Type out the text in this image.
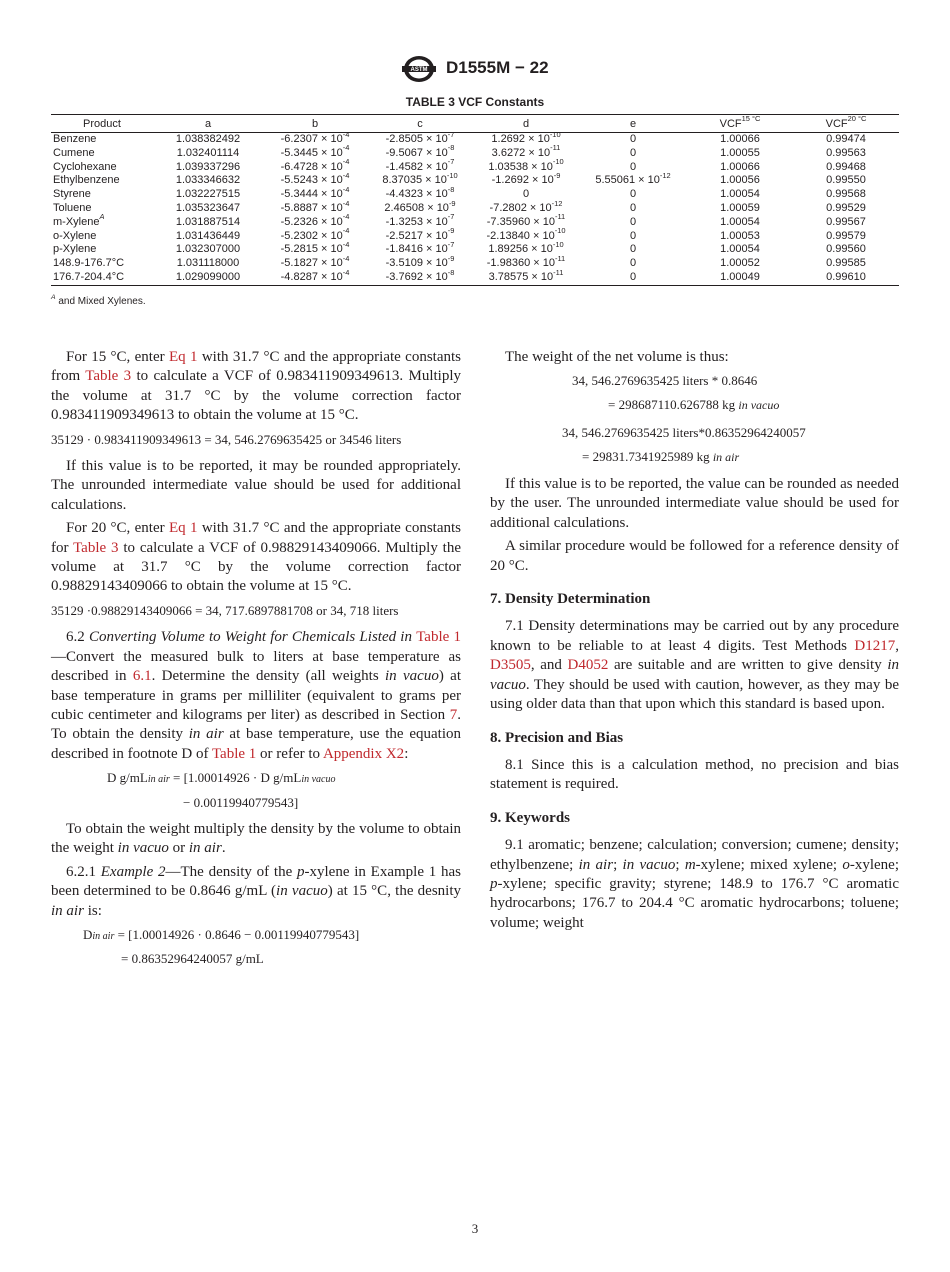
ASTM D1555M − 22
TABLE 3 VCF Constants
Product	a	b	c	d	e	$VCF^{15 ^\circ C}$	$VCF^{20 ^\circ C}$
Benzene	1.038382492	$-6.2307 \times 10^{-4}$	$-2.8505 \times 10^{-7}$	$1.2692 \times 10^{-10}$	0	1.00066	0.99474
Cumene	1.032401114	$-5.3445 \times 10^{-4}$	$-9.5067 \times 10^{-8}$	$3.6272 \times 10^{-11}$	0	1.00055	0.99563
Cyclohexane	1.039337296	$-6.4728 \times 10^{-4}$	$-1.4582 \times 10^{-7}$	$1.03538 \times 10^{-10}$	0	1.00066	0.99468
Ethylbenzene	1.033346632	$-5.5243 \times 10^{-4}$	$8.37035 \times 10^{-10}$	$-1.2692 \times 10^{-9}$	$5.55061 \times 10^{-12}$	1.00056	0.99550
Styrene	1.032227515	$-5.3444 \times 10^{-4}$	$-4.4323 \times 10^{-8}$	0	0	1.00054	0.99568
Toluene	1.035323647	$-5.8887 \times 10^{-4}$	$2.46508 \times 10^{-9}$	$-7.2802 \times 10^{-12}$	0	1.00059	0.99529
m-Xylene$^A$	1.031887514	$-5.2326 \times 10^{-4}$	$-1.3253 \times 10^{-7}$	$-7.35960 \times 10^{-11}$	0	1.00054	0.99567
o-Xylene	1.031436449	$-5.2302 \times 10^{-4}$	$-2.5217 \times 10^{-9}$	$-2.13840 \times 10^{-10}$	0	1.00053	0.99579
p-Xylene	1.032307000	$-5.2815 \times 10^{-4}$	$-1.8416 \times 10^{-7}$	$1.89256 \times 10^{-10}$	0	1.00054	0.99560
148.9-176.7°C	1.031118000	$-5.1827 \times 10^{-4}$	$-3.5109 \times 10^{-9}$	$-1.98360 \times 10^{-11}$	0	1.00052	0.99585
176.7-204.4°C	1.029099000	$-4.8287 \times 10^{-4}$	$-3.7692 \times 10^{-8}$	$3.78575 \times 10^{-11}$	0	1.00049	0.99610
$^A$ and Mixed Xylenes.

For 15 °C, enter Eq 1 with 31.7 °C and the appropriate constants from Table 3 to calculate a VCF of 0.983411909349613. Multiply the volume at 31.7 °C by the volume correction factor 0.983411909349613 to obtain the volume at 15 °C.

35129 · 0.983411909349613 = 34, 546.2769635425 or 34546 liters

If this value is to be reported, it may be rounded appropriately. The unrounded intermediate value should be used for additional calculations.

For 20 °C, enter Eq 1 with 31.7 °C and the appropriate constants for Table 3 to calculate a VCF of 0.98829143409066. Multiply the volume at 31.7 °C by the volume correction factor 0.98829143409066 to obtain the volume at 15 °C.

35129 ·0.98829143409066 = 34, 717.6897881708 or 34, 718 liters

6.2 Converting Volume to Weight for Chemicals Listed in Table 1—Convert the measured bulk to liters at base temperature as described in 6.1. Determine the density (all weights in vacuo) at base temperature in grams per milliliter (equivalent to grams per cubic centimeter and kilograms per liter) as described in Section 7. To obtain the density in air at base temperature, use the equation described in footnote D of Table 1 or refer to Appendix X2:

D g/mLin air = [1.00014926 · D g/mLin vacuo
− 0.00119940779543]

To obtain the weight multiply the density by the volume to obtain the weight in vacuo or in air.

6.2.1 Example 2—The density of the p-xylene in Example 1 has been determined to be 0.8646 g/mL (in vacuo) at 15 °C, the desnity in air is:

Din air = [1.00014926 · 0.8646 − 0.00119940779543]
= 0.86352964240057 g/mL

The weight of the net volume is thus:

34, 546.2769635425 liters * 0.8646
= 298687110.626788 kg in vacuo
34, 546.2769635425 liters*0.86352964240057
= 29831.7341925989 kg in air

If this value is to be reported, the value can be rounded as needed by the user. The unrounded intermediate value should be used for additional calculations.

A similar procedure would be followed for a reference density of 20 °C.

7. Density Determination

7.1 Density determinations may be carried out by any procedure known to be reliable to at least 4 digits. Test Methods D1217, D3505, and D4052 are suitable and are written to give density in vacuo. They should be used with caution, however, as they may be using older data than that upon which this standard is based upon.

8. Precision and Bias

8.1 Since this is a calculation method, no precision and bias statement is required.

9. Keywords

9.1 aromatic; benzene; calculation; conversion; cumene; density; ethylbenzene; in air; in vacuo; m-xylene; mixed xylene; o-xylene; p-xylene; specific gravity; styrene; 148.9 to 176.7 °C aromatic hydrocarbons; 176.7 to 204.4 °C aromatic hydrocarbons; toluene; volume; weight

3
